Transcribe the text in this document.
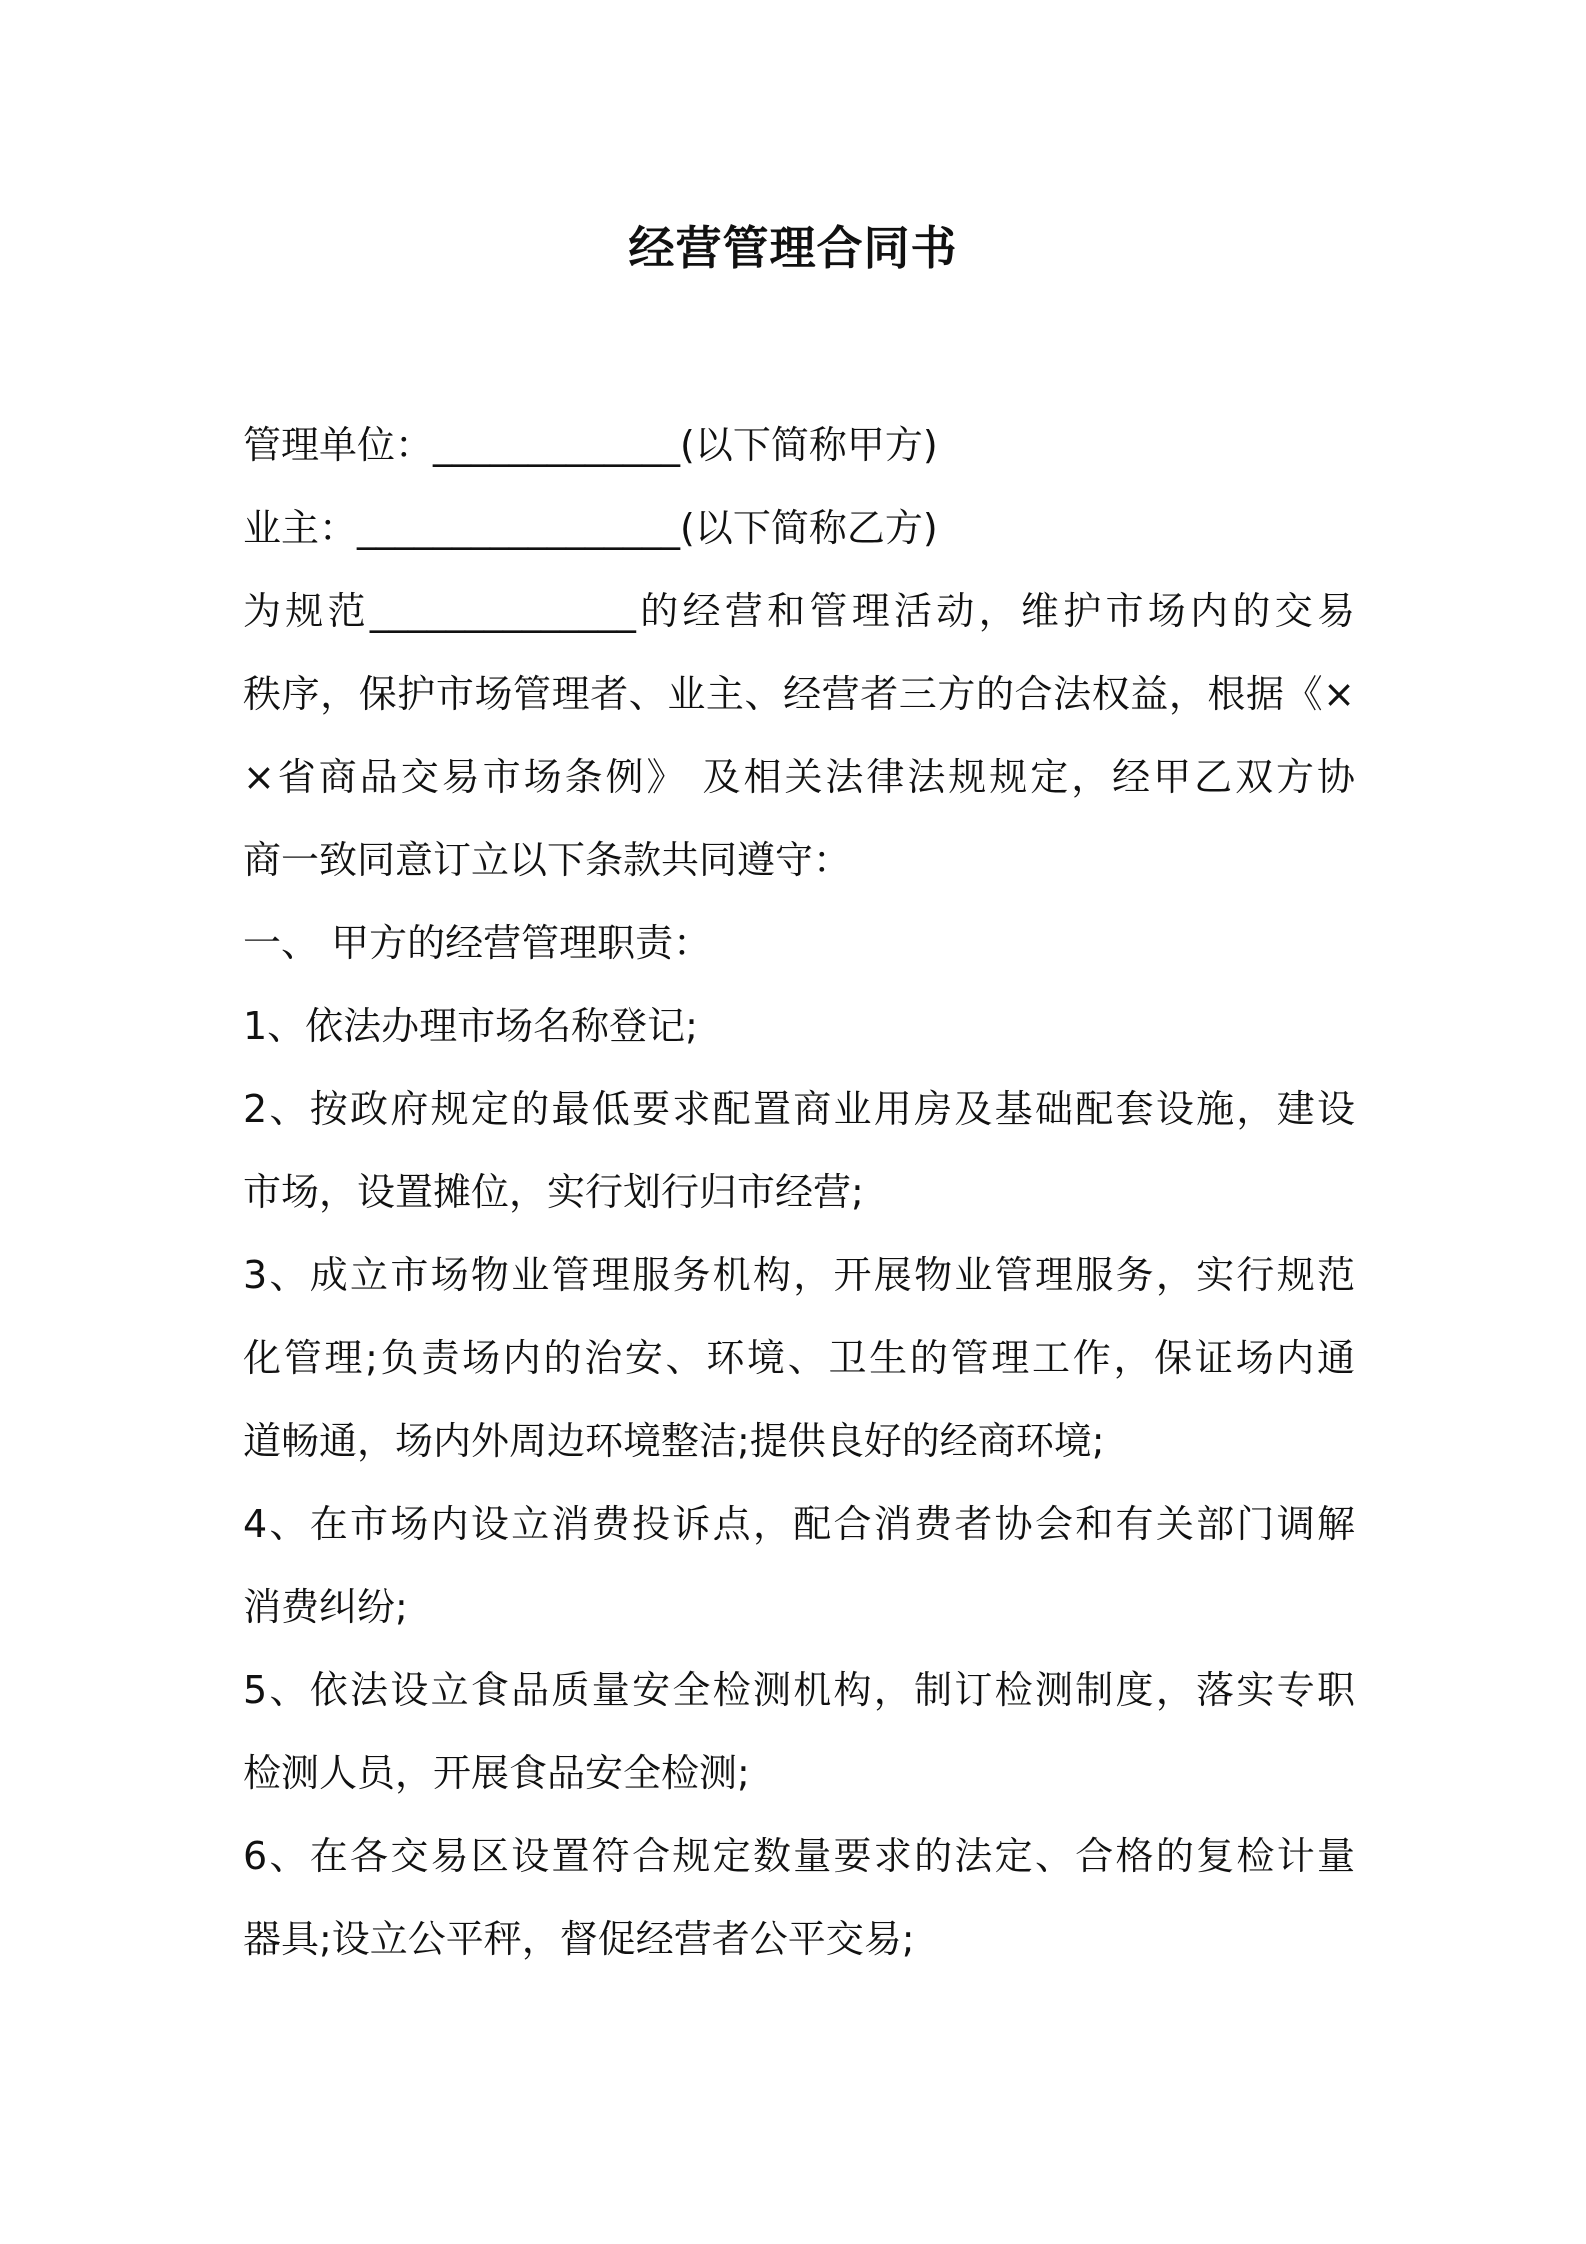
经营管理合同书
管理单位：_____________(以下简称甲方)
业主：_________________(以下简称乙方)
为规范______________的经营和管理活动，维护市场内的交易
秩序，保护市场管理者、业主、经营者三方的合法权益，根据《×
×省商品交易市场条例》 及相关法律法规规定，经甲乙双方协
商一致同意订立以下条款共同遵守：
一、 甲方的经营管理职责：
1、依法办理市场名称登记;
2、按政府规定的最低要求配置商业用房及基础配套设施，建设
市场，设置摊位，实行划行归市经营;
3、成立市场物业管理服务机构，开展物业管理服务，实行规范
化管理;负责场内的治安、环境、卫生的管理工作，保证场内通
道畅通，场内外周边环境整洁;提供良好的经商环境;
4、在市场内设立消费投诉点，配合消费者协会和有关部门调解
消费纠纷;
5、依法设立食品质量安全检测机构，制订检测制度，落实专职
检测人员，开展食品安全检测;
6、在各交易区设置符合规定数量要求的法定、合格的复检计量
器具;设立公平秤，督促经营者公平交易;
